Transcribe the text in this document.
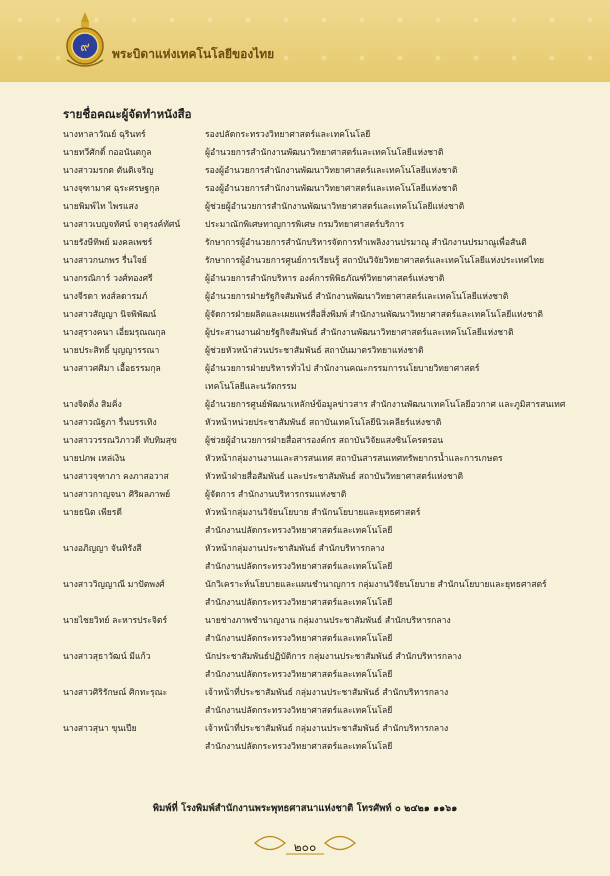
๙ พระบิดาแห่งเทคโนโลยีของไทย
รายชื่อคณะผู้จัดทำหนังสือ
นางหาลาวัณย์ ฉุรินทร์	รองปลัดกระทรวงวิทยาศาสตร์และเทคโนโลยี
นายทวีศักดิ์ กออนันตกูล	ผู้อำนวยการสำนักงานพัฒนาวิทยาศาสตร์และเทคโนโลยีแห่งชาติ
นางสาวมรกต ตันติเจริญ	รองผู้อำนวยการสำนักงานพัฒนาวิทยาศาสตร์และเทคโนโลยีแห่งชาติ
นางจุฑามาศ ฉุระศรษฐกุล	รองผู้อำนวยการสำนักงานพัฒนาวิทยาศาสตร์และเทคโนโลยีแห่งชาติ
นายพิมพ์ไท ไพรแสง	ผู้ช่วยผู้อำนวยการสำนักงานพัฒนาวิทยาศาสตร์และเทคโนโลยีแห่งชาติ
นางสาวเบญจทัศน์ จาตุรงค์ทัศน์	ประมาณักพิเศษทาญการพิเศษ กรมวิทยาศาสตร์บริการ
นายรังษีทิพย์ มงคลเพชร์	รักษาการผู้อำนวยการสำนักบริหารจัดการทำเพลิงงานปรมาณู สำนักงานปรมาณูเพื่อสันติ
นางสาวกนกพร รื่นใจย์	รักษาการผู้อำนวยการศูนย์การเรียนรู้ สถาบันวิจัยวิทยาศาสตร์และเทคโนโลยีแห่งประเทศไทย
นางกรณิการ์ วงศ์ทองศรี	ผู้อำนวยการสำนักบริหาร องค์การพิพิธภัณฑ์วิทยาศาสตร์แห่งชาติ
นางจีรดา หงส์ลดารมภ์	ผู้อำนวยการฝ่ายรัฐกิจสัมพันธ์ สำนักงานพัฒนาวิทยาศาสตร์และเทคโนโลยีแห่งชาติ
นางสาวสัญญา นิจพิพัฒน์	ผู้จัดการฝ่ายผลิตและเผยแพร่สื่อสิ่งพิมพ์ สำนักงานพัฒนาวิทยาศาสตร์และเทคโนโลยีแห่งชาติ
นางสุรางคนา เอี่ยมรุณณกุล	ผู้ประสานงานฝ่ายรัฐกิจสัมพันธ์ สำนักงานพัฒนาวิทยาศาสตร์และเทคโนโลยีแห่งชาติ
นายประสิทธิ์ บุญญารรณา	ผู้ช่วยหัวหน้าส่วนประชาสัมพันธ์ สถาบันมาตรวิทยาแห่งชาติ
นางสาวศศิมา เอื้อธรรมกุล	ผู้อำนวยการฝ่ายบริหารทั่วไป สำนักงานคณะกรรมการนโยบายวิทยาศาสตร์
เทคโนโลยีและนวัตกรรม
นางจิตติ่ง สิมคิ่ง	ผู้อำนวยการศูนย์พัฒนาเหลักษ์ข้อมูลข่าวสาร สำนักงานพัฒนาเทคโนโลยีอวกาศ และภูมิสารสนเทศ
นางสาวณัฐภา รื่นบรรเทิง	หัวหน้าหน่วยประชาสัมพันธ์ สถาบันเทคโนโลยีนิวเคลียร์แห่งชาติ
นางสาววรรณวิภาวดี ทับทิมสุข	ผู้ช่วยผู้อำนวยการฝ่ายสื่อสารองค์กร สถาบันวิจัยแสงซินโครตรอน
นายปภพ เหล่เงิน	หัวหน้ากลุ่มงานงานและสารสนเทศ สถาบันสารสนเทศทรัพยากรน้ำและการเกษตร
นางสาวจุฑาภา คงภาสอวาส	หัวหน้าฝ่ายสื่อสัมพันธ์ และประชาสัมพันธ์ สถาบันวิทยาศาสตร์แห่งชาติ
นางสาวกาญจนา ศิริผลภาพย์	ผู้จัดการ สำนักงานบริหารกรมแห่งชาติ
นายธนิต เพียรดี	หัวหน้ากลุ่มงานวิจัยนโยบาย สำนักนโยบายและยุทธศาสตร์
สำนักงานปลัดกระทรวงวิทยาศาสตร์และเทคโนโลยี
นางอภิญญา จันทิรังสี	หัวหน้ากลุ่มงานประชาสัมพันธ์ สำนักบริหารกลาง
สำนักงานปลัดกระทรวงวิทยาศาสตร์และเทคโนโลยี
นางสาววิญญาณี มาปัตพงศ์	นักวิเคราะห์นโยบายและแผนชำนาญการ กลุ่มงานวิจัยนโยบาย สำนักนโยบายและยุทธศาสตร์
สำนักงานปลัดกระทรวงวิทยาศาสตร์และเทคโนโลยี
นายไชยวิทย์ ละหารประจิตร์	นายช่างภาพชำนาญงาน กลุ่มงานประชาสัมพันธ์ สำนักบริหารกลาง
สำนักงานปลัดกระทรวงวิทยาศาสตร์และเทคโนโลยี
นางสาวสุธาวัฒน์ มีแก้ว	นักประชาสัมพันธ์ปฏิบัติการ กลุ่มงานประชาสัมพันธ์ สำนักบริหารกลาง
สำนักงานปลัดกระทรวงวิทยาศาสตร์และเทคโนโลยี
นางสาวศิริรักษณ์ ศิกทะรุณะ	เจ้าหน้าที่ประชาสัมพันธ์ กลุ่มงานประชาสัมพันธ์ สำนักบริหารกลาง
สำนักงานปลัดกระทรวงวิทยาศาสตร์และเทคโนโลยี
นางสาวสุนา ขุนเปีย	เจ้าหน้าที่ประชาสัมพันธ์ กลุ่มงานประชาสัมพันธ์ สำนักบริหารกลาง
สำนักงานปลัดกระทรวงวิทยาศาสตร์และเทคโนโลยี
พิมพ์ที่ โรงพิมพ์สำนักงานพระพุทธศาสนาแห่งชาติ โทรศัพท์ ๐ ๒๔๒๑ ๑๑๖๑
๒๐๐
